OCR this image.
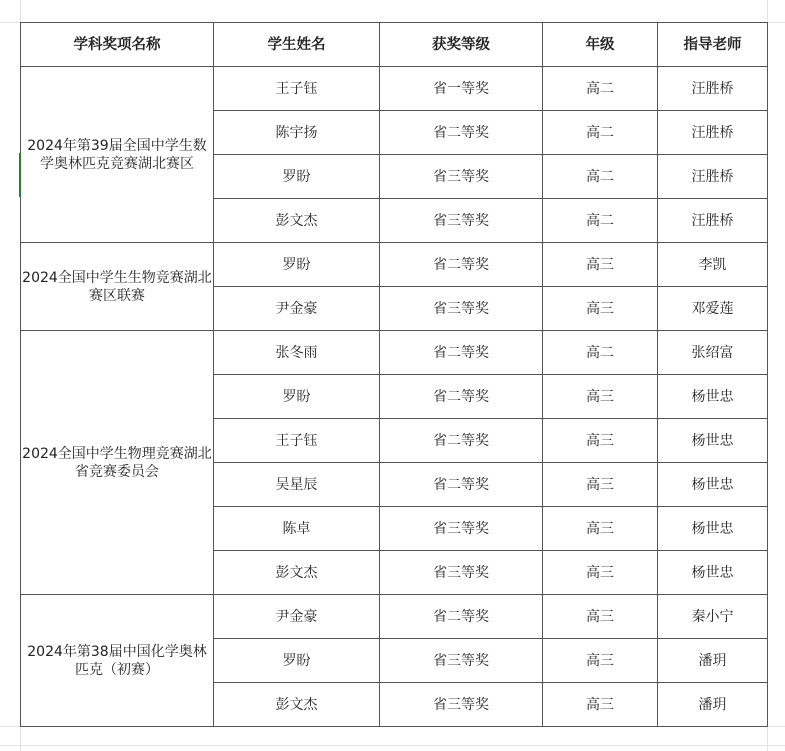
学科奖项名称	学生姓名	获奖等级	年级	指导老师
2024年第39届全国中学生数学奥林匹克竞赛湖北赛区	王子钰	省一等奖	高二	汪胜桥
	陈宇扬	省二等奖	高二	汪胜桥
	罗盼	省三等奖	高二	汪胜桥
	彭文杰	省三等奖	高二	汪胜桥
2024全国中学生生物竞赛湖北赛区联赛	罗盼	省二等奖	高三	李凯
	尹金豪	省三等奖	高三	邓爱莲
2024全国中学生物理竞赛湖北省竞赛委员会	张冬雨	省二等奖	高二	张绍富
	罗盼	省二等奖	高三	杨世忠
	王子钰	省二等奖	高三	杨世忠
	吴星辰	省二等奖	高三	杨世忠
	陈卓	省三等奖	高三	杨世忠
	彭文杰	省三等奖	高三	杨世忠
2024年第38届中国化学奥林匹克（初赛）	尹金豪	省二等奖	高三	秦小宁
	罗盼	省三等奖	高三	潘玥
	彭文杰	省三等奖	高三	潘玥
